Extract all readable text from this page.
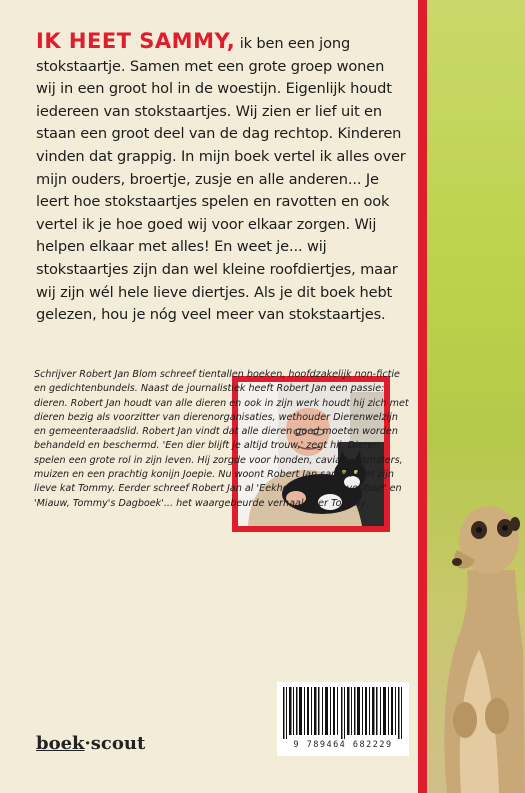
IK HEET SAMMY, ik ben een jong stokstaartje. Samen met een grote groep wonen wij in een groot hol in de woestijn. Eigenlijk houdt iedereen van stokstaartjes. Wij zien er lief uit en staan een groot deel van de dag rechtop. Kinderen vinden dat grappig. In mijn boek vertel ik alles over mijn ouders, broertje, zusje en alle anderen... Je leert hoe stokstaartjes spelen en ravotten en ook vertel ik je hoe goed wij voor elkaar zorgen. Wij helpen elkaar met alles! En weet je... wij stokstaartjes zijn dan wel kleine roofdiertjes, maar wij zijn wél hele lieve diertjes. Als je dit boek hebt gelezen, hou je nóg veel meer van stokstaartjes.

Schrijver Robert Jan Blom schreef tientallen boeken, hoofdzakelijk non-fictie en gedichtenbundels. Naast de journalistiek heeft Robert Jan een passie: dieren. Robert Jan houdt van alle dieren en ook in zijn werk houdt hij zich met dieren bezig als voorzitter van dierenorganisaties, wethouder Dierenwelzijn en gemeenteraadslid. Robert Jan vindt dat alle dieren goed moeten worden behandeld en beschermd. 'Een dier blijft je altijd trouw,' zegt hij. Dieren spelen een grote rol in zijn leven. Hij zorgde voor honden, cavia's, hamsters, muizen en een prachtig konijn Joepie. Nu woont Robert Jan samen met zijn lieve kat Tommy. Eerder schreef Robert Jan al 'Eekhoorntjes op Avontuur' en 'Miauw, Tommy's Dagboek'... het waargebeurde verhaal over Tommy.

9 789464 682229
boek·scout
